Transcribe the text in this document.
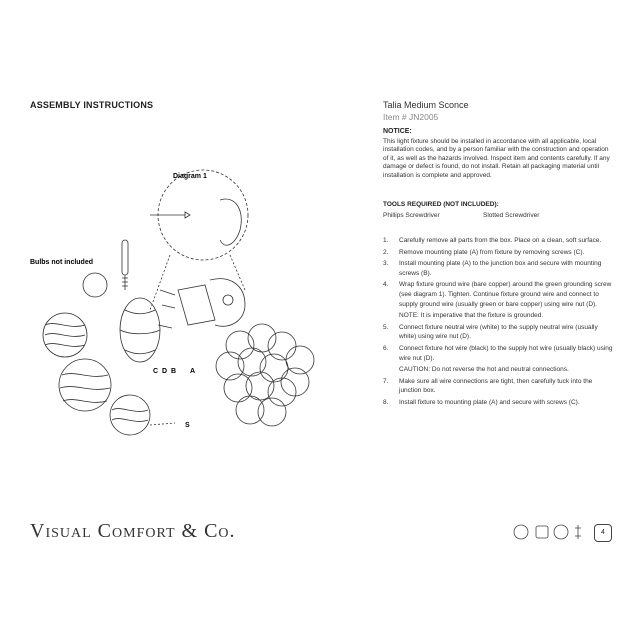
ASSEMBLY INSTRUCTIONS	Talia Medium Sconce
Item # JN2005
NOTICE:
This light fixture should be installed in accordance with all applicable, local installation codes, and by a person familiar with the construction and operation of it, as well as the hazards involved. Inspect item and contents carefully. If any damage or defect is found, do not install. Retain all packaging material until installation is complete and approved.
TOOLS REQUIRED (NOT INCLUDED):
Phillips Screwdriver	Slotted Screwdriver
1. Carefully remove all parts from the box. Place on a clean, soft surface.
2. Remove mounting plate (A) from fixture by removing screws (C).
3. Install mounting plate (A) to the junction box and secure with mounting screws (B).
4. Wrap fixture ground wire (bare copper) around the green grounding screw (see diagram 1). Tighten. Continue fixture ground wire and connect to supply ground wire (usually green or bare copper) using wire nut (D).
NOTE: It is imperative that the fixture is grounded.
5. Connect fixture neutral wire (white) to the supply neutral wire (usually white) using wire nut (D).
6. Connect fixture hot wire (black) to the supply hot wire (usually black) using wire nut (D).
CAUTION: Do not reverse the hot and neutral connections.
7. Make sure all wire connections are tight, then carefully tuck into the junction box.
8. Install fixture to mounting plate (A) and secure with screws (C).
Diagram 1
Bulbs not included
C D B A
S
Visual Comfort & Co.	4
